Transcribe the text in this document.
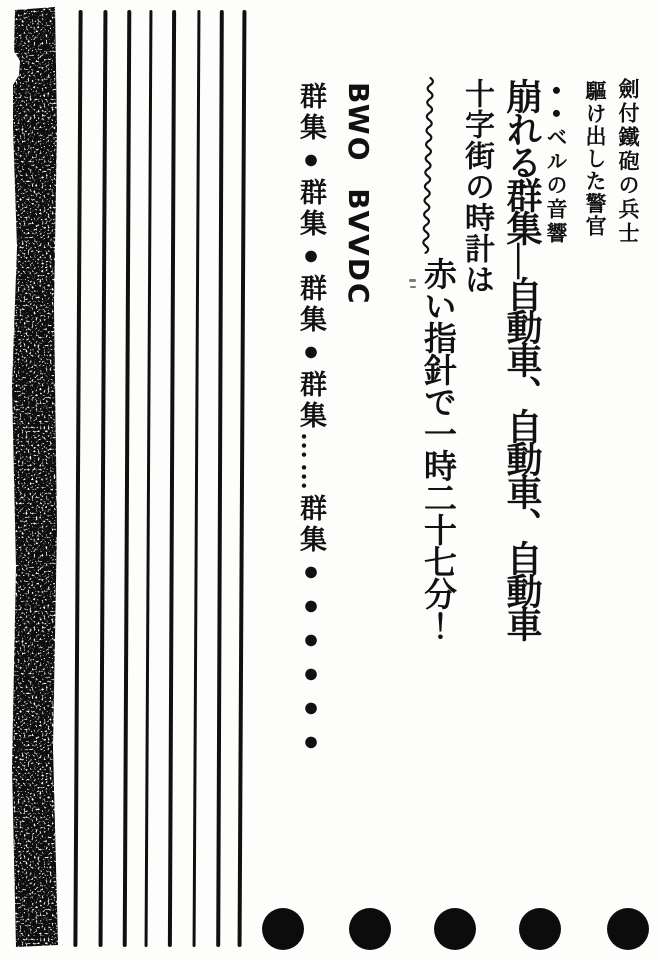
劍付鐵砲の兵士
驅け出した警官
●●ベルの音響
崩れる群集―自動車、自動車、自動車
十字街の時計は
赤い指針で一時二十七分！
BWO BVVDC
群集●群集●群集●群集……群集●●●●●●
